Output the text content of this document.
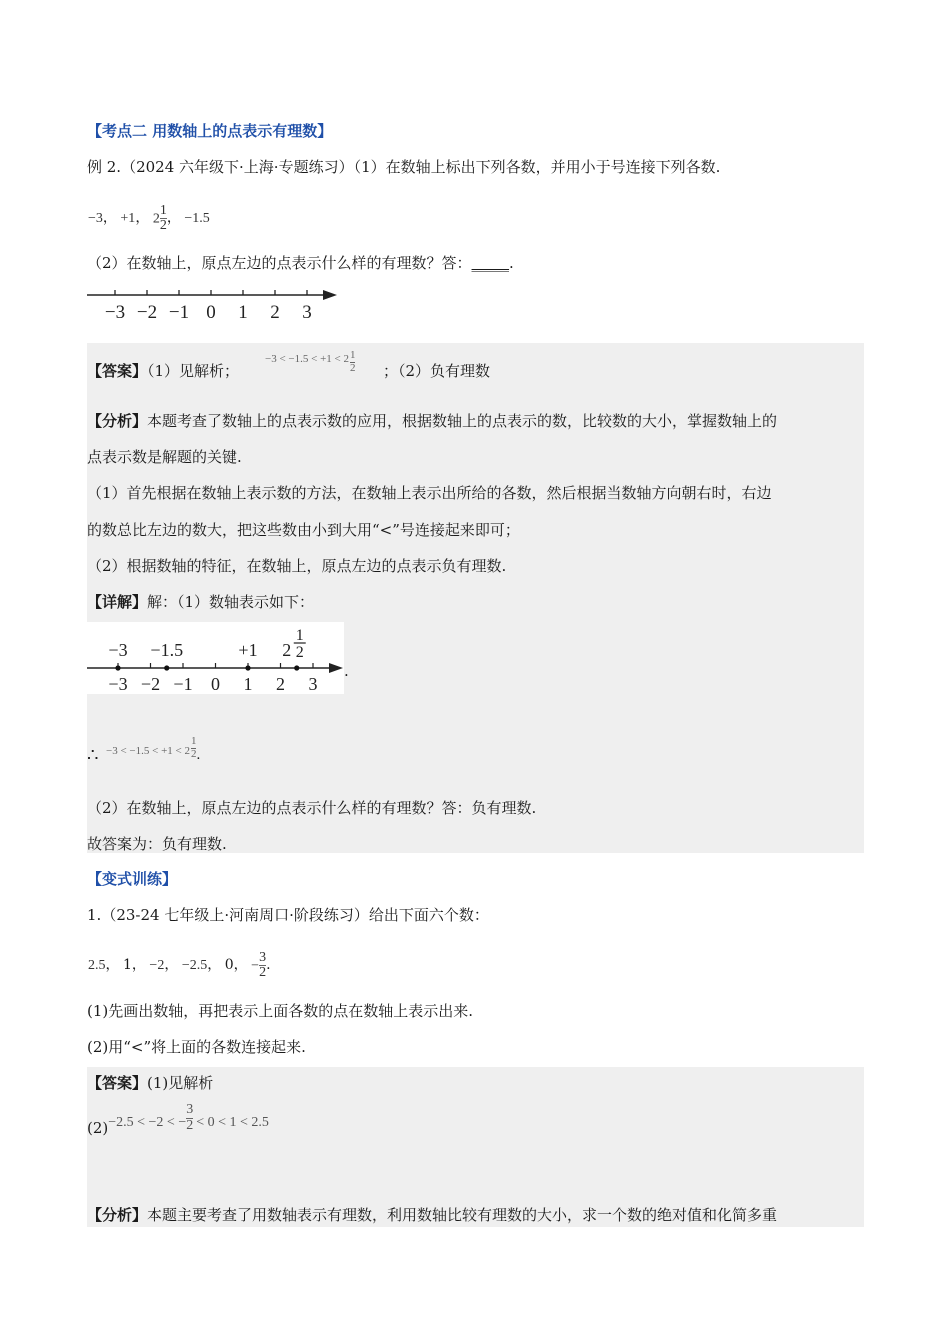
【考点二 用数轴上的点表示有理数】
例 2.（2024 六年级下·上海·专题练习）（1）在数轴上标出下列各数，并用小于号连接下列各数.
−3， +1， $2 \frac{1}{2}$ ， −1.5
（2）在数轴上，原点左边的点表示什么样的有理数？答：_____.
−3 −2 −1 0 1 2 3
【答案】（1）见解析；
$-3 < -1.5 < +1 < 2 \frac{1}{2}$ ；（2）负有理数
【分析】本题考查了数轴上的点表示数的应用，根据数轴上的点表示的数，比较数的大小，掌握数轴上的
点表示数是解题的关键.
（1）首先根据在数轴上表示数的方法，在数轴上表示出所给的各数，然后根据当数轴方向朝右时，右边
的数总比左边的数大，把这些数由小到大用“<”号连接起来即可；
（2）根据数轴的特征，在数轴上，原点左边的点表示负有理数.
【详解】解：（1）数轴表示如下：
−3 −1.5	+1 2
1
2
−3 −2 −1 0 1 2 3
.
∴ $-3 < -1.5 < +1 < 2 \frac{1}{2}$ .
（2）在数轴上，原点左边的点表示什么样的有理数？答：负有理数.
故答案为：负有理数.
【变式训练】
1.（23-24 七年级上·河南周口·阶段练习）给出下面六个数：
2.5， 1， −2， −2.5， 0， − $\frac{3}{2}$ .
(1)先画出数轴，再把表示上面各数的点在数轴上表示出来.
(2)用“<”将上面的各数连接起来.
【答案】(1)见解析
(2)−2.5 < −2 < − $\frac{3}{2} < 0 < 1 < 2.5$
【分析】本题主要考查了用数轴表示有理数，利用数轴比较有理数的大小，求一个数的绝对值和化简多重
